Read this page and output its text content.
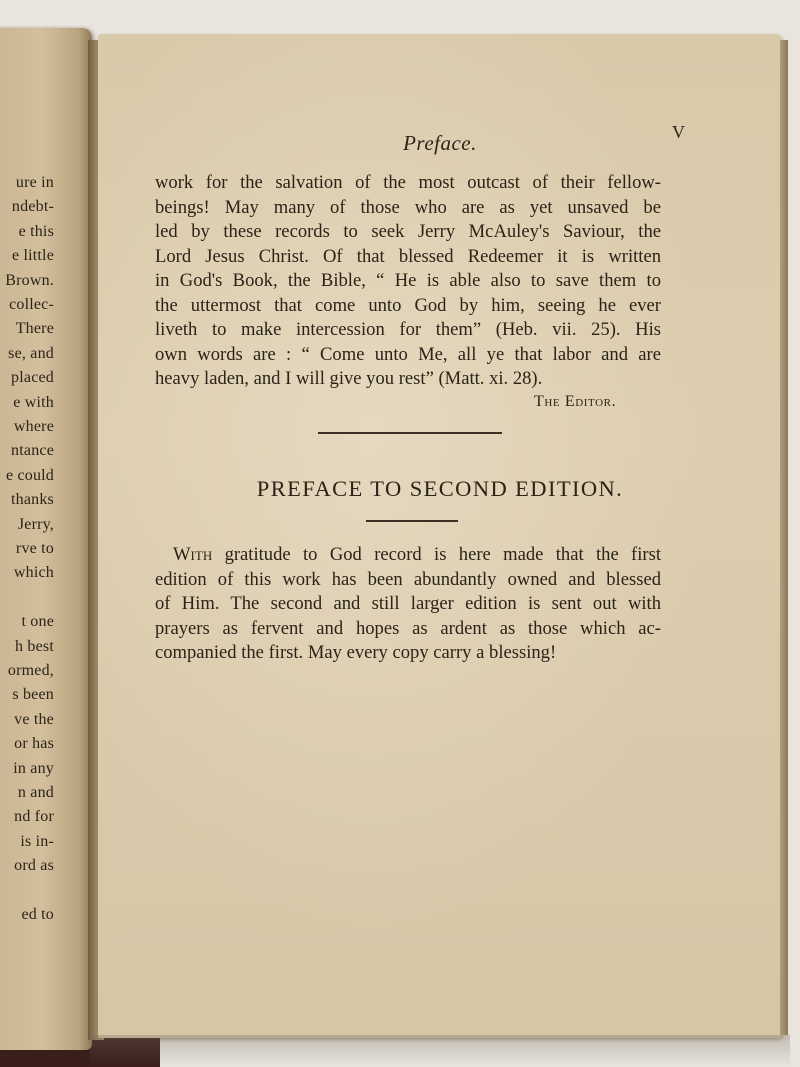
ure in
ndebt-
e this
e little
Brown.
collec-
There
se, and
placed
e with
where
ntance
e could
thanks
Jerry,
rve to
which
t one
h best
ormed,
s been
ve the
or has
in any
n and
nd for
is in-
ord as
ed to
Preface.	V
work for the salvation of the most outcast of their fellow-
beings! May many of those who are as yet unsaved be
led by these records to seek Jerry McAuley's Saviour, the
Lord Jesus Christ. Of that blessed Redeemer it is written
in God's Book, the Bible, “ He is able also to save them to
the uttermost that come unto God by him, seeing he ever
liveth to make intercession for them” (Heb. vii. 25). His
own words are : “ Come unto Me, all ye that labor and are
heavy laden, and I will give you rest” (Matt. xi. 28).
The Editor.
PREFACE TO SECOND EDITION.
With gratitude to God record is here made that the first
edition of this work has been abundantly owned and blessed
of Him. The second and still larger edition is sent out with
prayers as fervent and hopes as ardent as those which ac-
companied the first. May every copy carry a blessing!
